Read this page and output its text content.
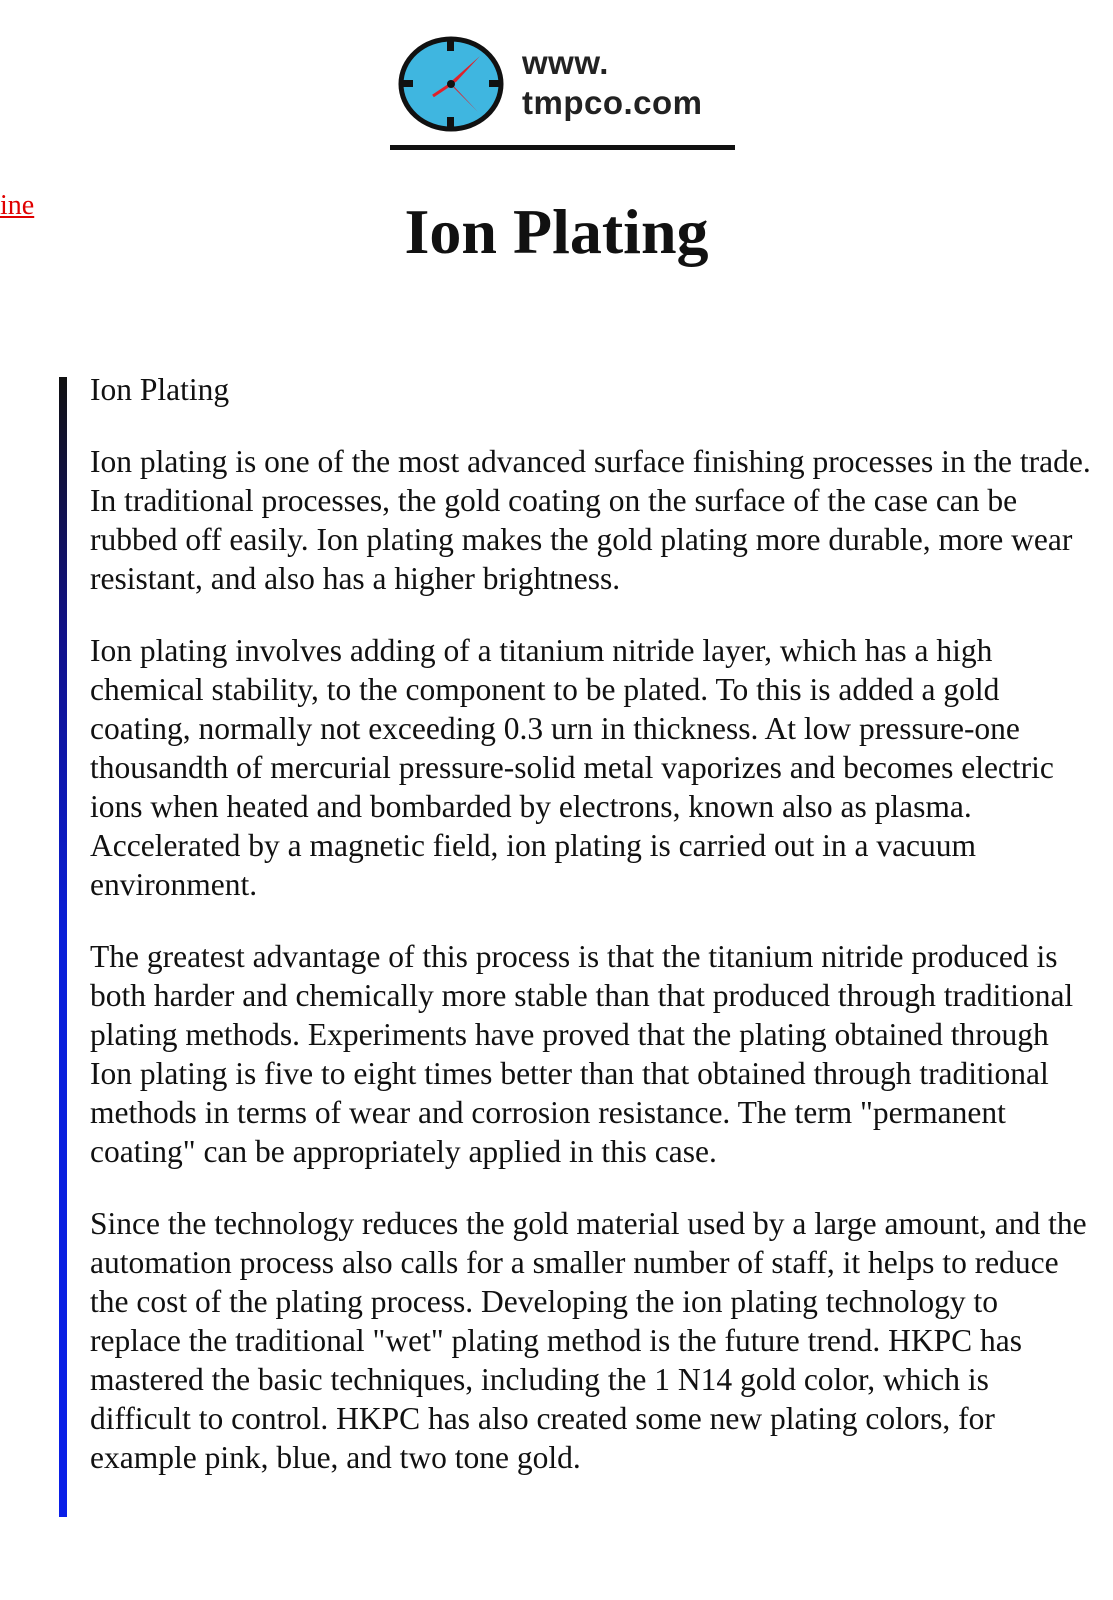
www.
tmpco.com
ine	Ion Plating

Ion Plating

Ion plating is one of the most advanced surface finishing processes in the trade. In traditional processes, the gold coating on the surface of the case can be rubbed off easily. Ion plating makes the gold plating more durable, more wear resistant, and also has a higher brightness.

Ion plating involves adding of a titanium nitride layer, which has a high chemical stability, to the component to be plated. To this is added a gold coating, normally not exceeding 0.3 urn in thickness. At low pressure-one thousandth of mercurial pressure-solid metal vaporizes and becomes electric ions when heated and bombarded by electrons, known also as plasma. Accelerated by a magnetic field, ion plating is carried out in a vacuum environment.

The greatest advantage of this process is that the titanium nitride produced is both harder and chemically more stable than that produced through traditional plating methods. Experiments have proved that the plating obtained through Ion plating is five to eight times better than that obtained through traditional methods in terms of wear and corrosion resistance. The term "permanent coating" can be appropriately applied in this case.

Since the technology reduces the gold material used by a large amount, and the automation process also calls for a smaller number of staff, it helps to reduce the cost of the plating process. Developing the ion plating technology to replace the traditional "wet" plating method is the future trend. HKPC has mastered the basic techniques, including the 1 N14 gold color, which is difficult to control. HKPC has also created some new plating colors, for example pink, blue, and two tone gold.
